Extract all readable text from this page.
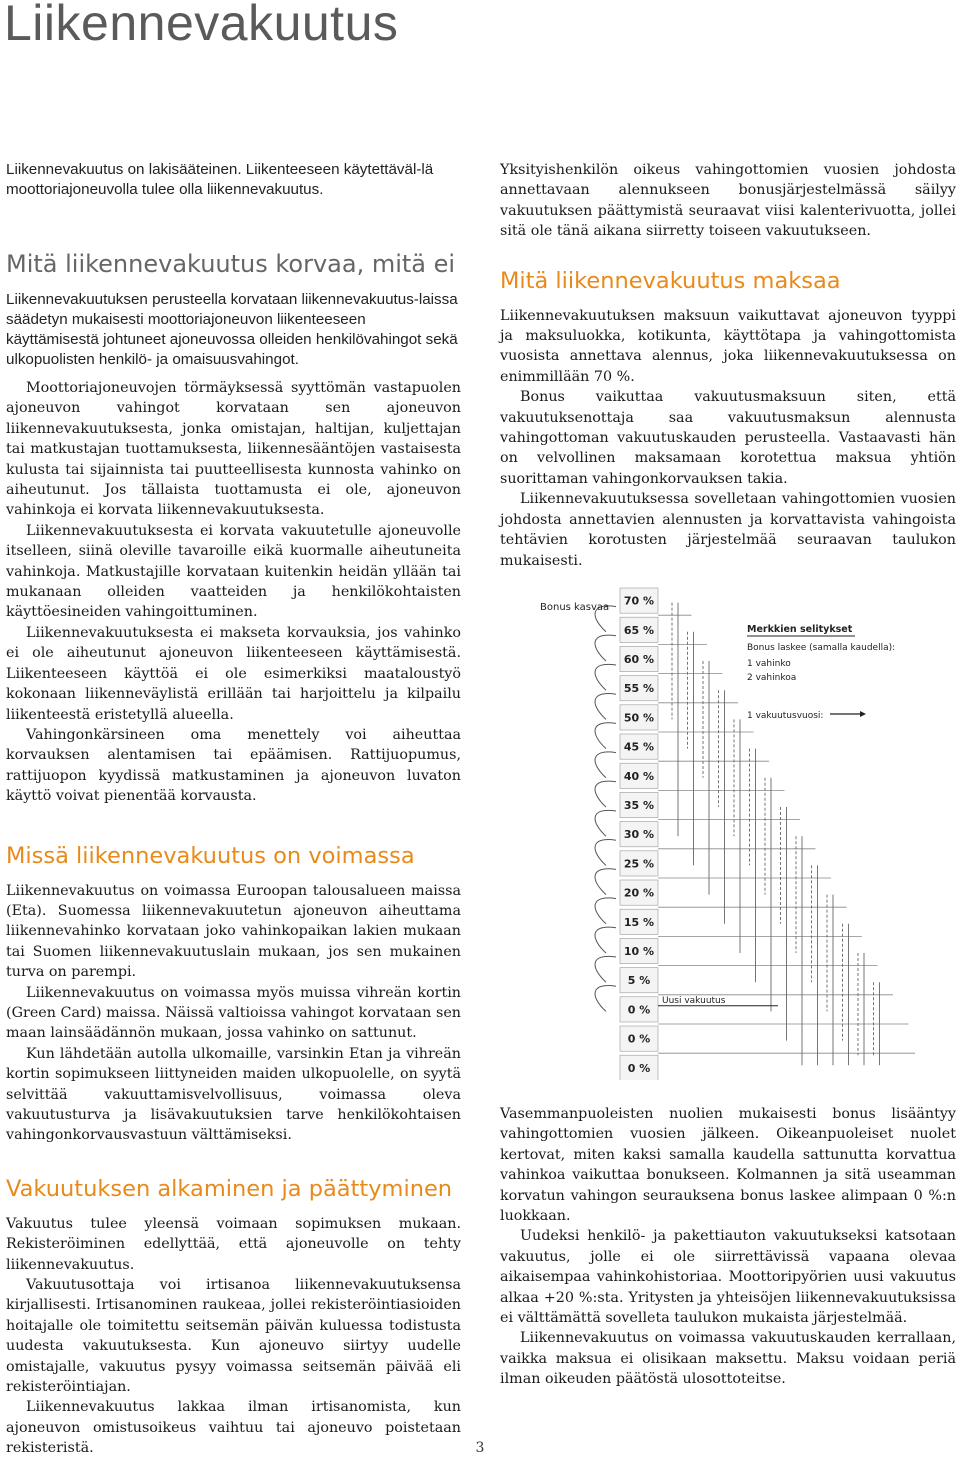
Liikennevakuutus

Liikennevakuutus on lakisääteinen. Liikenteeseen käytettäväl-lä moottoriajoneuvolla tulee olla liikennevakuutus.

Mitä liikennevakuutus korvaa, mitä ei

Liikennevakuutuksen perusteella korvataan liikennevakuutus-laissa säädetyn mukaisesti moottoriajoneuvon liikenteeseen käyttämisestä johtuneet ajoneuvossa olleiden henkilövahingot sekä ulkopuolisten henkilö- ja omaisuusvahingot.

Moottoriajoneuvojen törmäyksessä syyttömän vastapuolen ajoneuvon vahingot korvataan sen ajoneuvon liikennevakuutuksesta, jonka omistajan, haltijan, kuljettajan tai matkustajan tuottamuksesta, liikennesääntöjen vastaisesta kulusta tai sijainnista tai puutteellisesta kunnosta vahinko on aiheutunut. Jos tällaista tuottamusta ei ole, ajoneuvon vahinkoja ei korvata liikennevakuutuksesta.

Liikennevakuutuksesta ei korvata vakuutetulle ajoneuvolle itselleen, siinä oleville tavaroille eikä kuormalle aiheutuneita vahinkoja. Matkustajille korvataan kuitenkin heidän yllään tai mukanaan olleiden vaatteiden ja henkilökohtaisten käyttöesineiden vahingoittuminen.

Liikennevakuutuksesta ei makseta korvauksia, jos vahinko ei ole aiheutunut ajoneuvon liikenteeseen käyttämisestä. Liikenteeseen käyttöä ei ole esimerkiksi maataloustyö kokonaan liikenneväylistä erillään tai harjoittelu ja kilpailu liikenteestä eristetyllä alueella.

Vahingonkärsineen oma menettely voi aiheuttaa korvauksen alentamisen tai epäämisen. Rattijuopumus, rattijuopon kyydissä matkustaminen ja ajoneuvon luvaton käyttö voivat pienentää korvausta.

Missä liikennevakuutus on voimassa

Liikennevakuutus on voimassa Euroopan talousalueen maissa (Eta). Suomessa liikennevakuutetun ajoneuvon aiheuttama liikennevahinko korvataan joko vahinkopaikan lakien mukaan tai Suomen liikennevakuutuslain mukaan, jos sen mukainen turva on parempi.

Liikennevakuutus on voimassa myös muissa vihreän kortin (Green Card) maissa. Näissä valtioissa vahingot korvataan sen maan lainsäädännön mukaan, jossa vahinko on sattunut.

Kun lähdetään autolla ulkomaille, varsinkin Etan ja vihreän kortin sopimukseen liittyneiden maiden ulkopuolelle, on syytä selvittää vakuuttamisvelvollisuus, voimassa oleva vakuutusturva ja lisävakuutuksien tarve henkilökohtaisen vahingonkorvausvastuun välttämiseksi.

Vakuutuksen alkaminen ja päättyminen

Vakuutus tulee yleensä voimaan sopimuksen mukaan. Rekisteröiminen edellyttää, että ajoneuvolle on tehty liikennevakuutus.

Vakuutusottaja voi irtisanoa liikennevakuutuksensa kirjallisesti. Irtisanominen raukeaa, jollei rekisteröintiasioiden hoitajalle ole toimitettu seitsemän päivän kuluessa todistusta uudesta vakuutuksesta. Kun ajoneuvo siirtyy uudelle omistajalle, vakuutus pysyy voimassa seitsemän päivää eli rekisteröintiajan.

Liikennevakuutus lakkaa ilman irtisanomista, kun ajoneuvon omistusoikeus vaihtuu tai ajoneuvo poistetaan rekisteristä.

Yksityishenkilön oikeus vahingottomien vuosien johdosta annettavaan alennukseen bonusjärjestelmässä säilyy vakuutuksen päättymistä seuraavat viisi kalenterivuotta, jollei sitä ole tänä aikana siirretty toiseen vakuutukseen.

Mitä liikennevakuutus maksaa

Liikennevakuutuksen maksuun vaikuttavat ajoneuvon tyyppi ja maksuluokka, kotikunta, käyttötapa ja vahingottomista vuosista annettava alennus, joka liikennevakuutuksessa on enimmillään 70 %.

Bonus vaikuttaa vakuutusmaksuun siten, että vakuutuksenottaja saa vakuutusmaksun alennusta vahingottoman vakuutuskauden perusteella. Vastaavasti hän on velvollinen maksamaan korotettua maksua yhtiön suorittaman vahingonkorvauksen takia.

Liikennevakuutuksessa sovelletaan vahingottomien vuosien johdosta annettavien alennusten ja korvattavista vahingoista tehtävien korotusten järjestelmää seuraavan taulukon mukaisesti.

70 %
65 %
60 %
55 %
50 %
45 %
40 %
35 %
30 %
25 %
20 %
15 %
10 %
5 %
0 %
0 %
0 %
Bonus kasvaa
Merkkien selitykset
Bonus laskee (samalla kaudella):
1 vahinko
2 vahinkoa
1 vakuutusvuosi:
Uusi vakuutus

Vasemmanpuoleisten nuolien mukaisesti bonus lisääntyy vahingottomien vuosien jälkeen. Oikeanpuoleiset nuolet kertovat, miten kaksi samalla kaudella sattunutta korvattua vahinkoa vaikuttaa bonukseen. Kolmannen ja sitä useamman korvatun vahingon seurauksena bonus laskee alimpaan 0 %:n luokkaan.

Uudeksi henkilö- ja pakettiauton vakuutukseksi katsotaan vakuutus, jolle ei ole siirrettävissä vapaana olevaa aikaisempaa vahinkohistoriaa. Moottoripyörien uusi vakuutus alkaa +20 %:sta. Yritysten ja yhteisöjen liikennevakuutuksissa ei välttämättä sovelleta taulukon mukaista järjestelmää.

Liikennevakuutus on voimassa vakuutuskauden kerrallaan, vaikka maksua ei olisikaan maksettu. Maksu voidaan periä ilman oikeuden päätöstä ulosottoteitse.

3
